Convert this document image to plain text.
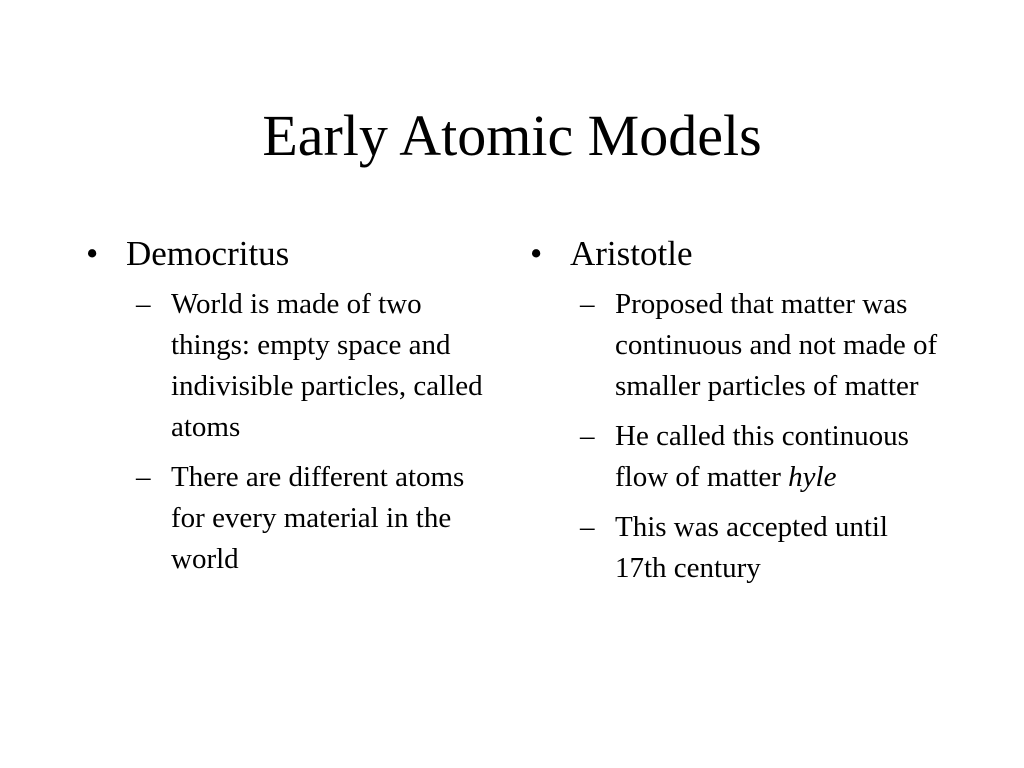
Early Atomic Models
• Democritus
– World is made of two things: empty space and indivisible particles, called atoms
– There are different atoms for every material in the world
• Aristotle
– Proposed that matter was continuous and not made of smaller particles of matter
– He called this continuous flow of matter hyle
– This was accepted until 17th century
